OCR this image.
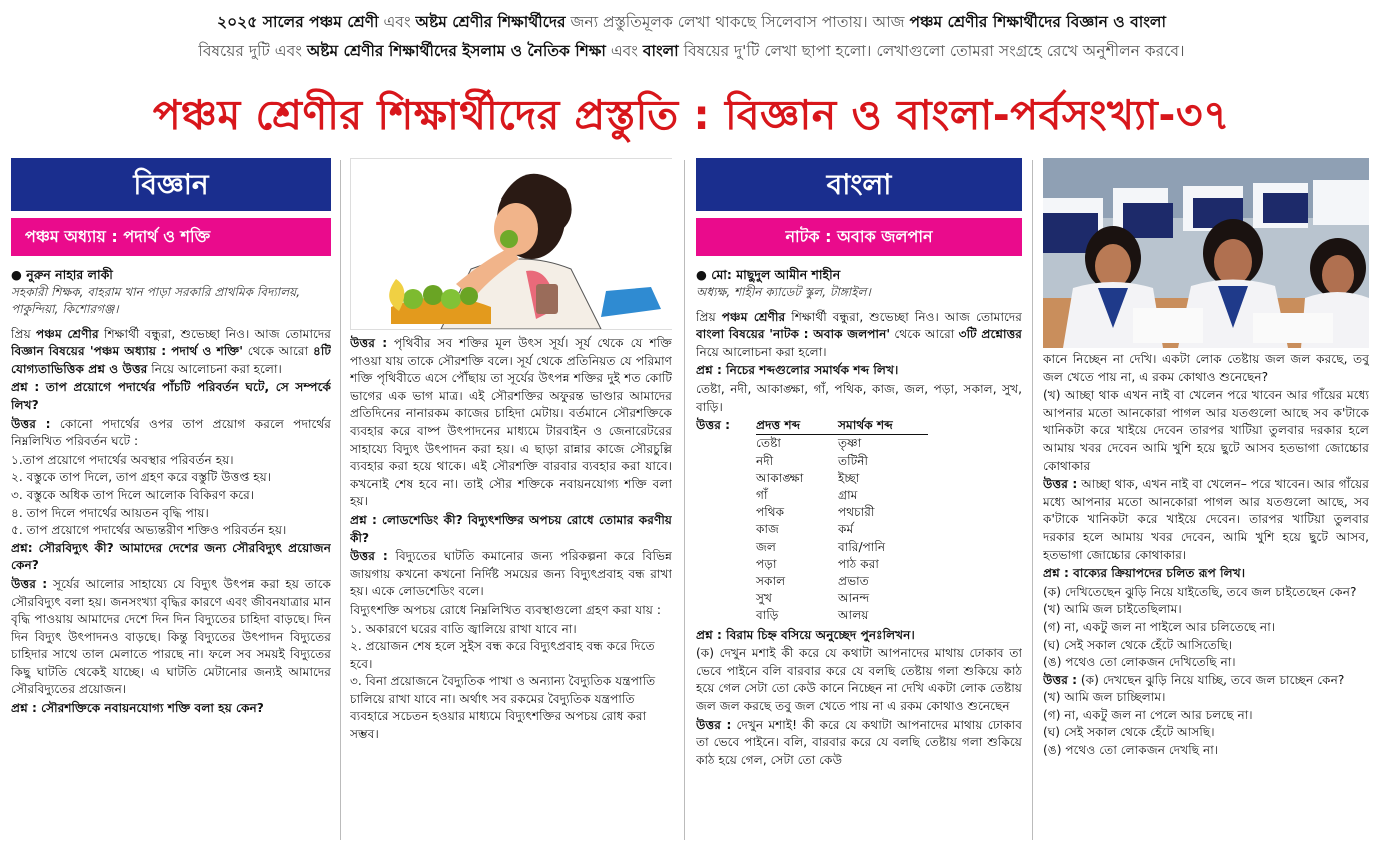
২০২৫ সালের পঞ্চম শ্রেণী এবং অষ্টম শ্রেণীর শিক্ষার্থীদের জন্য প্রস্তুতিমূলক লেখা থাকছে সিলেবাস পাতায়। আজ পঞ্চম শ্রেণীর শিক্ষার্থীদের বিজ্ঞান ও বাংলা
বিষয়ের দুটি এবং অষ্টম শ্রেণীর শিক্ষার্থীদের ইসলাম ও নৈতিক শিক্ষা এবং বাংলা বিষয়ের দু'টি লেখা ছাপা হলো। লেখাগুলো তোমরা সংগ্রহে রেখে অনুশীলন করবে।
পঞ্চম শ্রেণীর শিক্ষার্থীদের প্রস্তুতি : বিজ্ঞান ও বাংলা-পর্বসংখ্যা-৩৭
বিজ্ঞান
পঞ্চম অধ্যায় : পদার্থ ও শক্তি
● নুরুন নাহার লাকী
সহকারী শিক্ষক, বাহরাম খান পাড়া সরকারি প্রাথমিক বিদ্যালয়, পাকুন্দিয়া, কিশোরগঞ্জ।

প্রিয় পঞ্চম শ্রেণীর শিক্ষার্থী বন্ধুরা, শুভেচ্ছা নিও। আজ তোমাদের বিজ্ঞান বিষয়ের 'পঞ্চম অধ্যায় : পদার্থ ও শক্তি' থেকে আরো ৪টি যোগ্যতাভিত্তিক প্রশ্ন ও উত্তর নিয়ে আলোচনা করা হলো।

প্রশ্ন : তাপ প্রয়োগে পদার্থের পাঁচটি পরিবর্তন ঘটে, সে সম্পর্কে লিখ?

উত্তর : কোনো পদার্থের ওপর তাপ প্রয়োগ করলে পদার্থের নিম্নলিখিত পরিবর্তন ঘটে :

১.তাপ প্রয়োগে পদার্থের অবস্থার পরিবর্তন হয়।
২. বস্তুকে তাপ দিলে, তাপ গ্রহণ করে বস্তুটি উত্তপ্ত হয়।
৩. বস্তুকে অধিক তাপ দিলে আলোক বিকিরণ করে।
৪. তাপ দিলে পদার্থের আয়তন বৃদ্ধি পায়।
৫. তাপ প্রয়োগে পদার্থের অভ্যন্তরীণ শক্তিও পরিবর্তন হয়।

প্রশ্ন: সৌরবিদ্যুৎ কী? আমাদের দেশের জন্য সৌরবিদ্যুৎ প্রয়োজন কেন?

উত্তর : সূর্যের আলোর সাহায্যে যে বিদ্যুৎ উৎপন্ন করা হয় তাকে সৌরবিদ্যুৎ বলা হয়। জনসংখ্যা বৃদ্ধির কারণে এবং জীবনযাত্রার মান বৃদ্ধি পাওয়ায় আমাদের দেশে দিন দিন বিদ্যুতের চাহিদা বাড়ছে। দিন দিন বিদ্যুৎ উৎপাদনও বাড়ছে। কিন্তু বিদ্যুতের উৎপাদন বিদ্যুতের চাহিদার সাথে তাল মেলাতে পারছে না। ফলে সব সময়ই বিদ্যুতের কিছু ঘাটতি থেকেই যাচ্ছে। এ ঘাটতি মেটানোর জন্যই আমাদের সৌরবিদ্যুতের প্রয়োজন।

প্রশ্ন : সৌরশক্তিকে নবায়নযোগ্য শক্তি বলা হয় কেন?

উত্তর : পৃথিবীর সব শক্তির মূল উৎস সূর্য। সূর্য থেকে যে শক্তি পাওয়া যায় তাকে সৌরশক্তি বলে। সূর্য থেকে প্রতিনিয়ত যে পরিমাণ শক্তি পৃথিবীতে এসে পৌঁছায় তা সূর্যের উৎপন্ন শক্তির দুই শত কোটি ভাগের এক ভাগ মাত্র। এই সৌরশক্তির অফুরন্ত ভাণ্ডার আমাদের প্রতিদিনের নানারকম কাজের চাহিদা মেটায়। বর্তমানে সৌরশক্তিকে ব্যবহার করে বাষ্প উৎপাদনের মাধ্যমে টারবাইন ও জেনারেটরের সাহায্যে বিদ্যুৎ উৎপাদন করা হয়। এ ছাড়া রান্নার কাজে সৌরচুল্লি ব্যবহার করা হয়ে থাকে। এই সৌরশক্তি বারবার ব্যবহার করা যাবে। কখনোই শেষ হবে না। তাই সৌর শক্তিকে নবায়নযোগ্য শক্তি বলা হয়।

প্রশ্ন : লোডশেডিং কী? বিদ্যুৎশক্তির অপচয় রোধে তোমার করণীয় কী?

উত্তর : বিদ্যুতের ঘাটতি কমানোর জন্য পরিকল্পনা করে বিভিন্ন জায়গায় কখনো কখনো নির্দিষ্ট সময়ের জন্য বিদ্যুৎপ্রবাহ বন্ধ রাখা হয়। একে লোডশেডিং বলে।

বিদ্যুৎশক্তি অপচয় রোধে নিম্নলিখিত ব্যবস্থাগুলো গ্রহণ করা যায় :

১. অকারণে ঘরের বাতি জ্বালিয়ে রাখা যাবে না।
২. প্রয়োজন শেষ হলে সুইস বন্ধ করে বিদ্যুৎপ্রবাহ বন্ধ করে দিতে হবে।
৩. বিনা প্রয়োজনে বৈদ্যুতিক পাখা ও অন্যান্য বৈদ্যুতিক যন্ত্রপাতি চালিয়ে রাখা যাবে না। অর্থাৎ সব রকমের বৈদ্যুতিক যন্ত্রপাতি ব্যবহারে সচেতন হওয়ার মাধ্যমে বিদ্যুৎশক্তির অপচয় রোধ করা সম্ভব।
বাংলা
নাটক : অবাক জলপান
● মো: মাছুদুল আমীন শাহীন
অধ্যক্ষ, শাহীন ক্যাডেট স্কুল, টাঙ্গাইল।

প্রিয় পঞ্চম শ্রেণীর শিক্ষার্থী বন্ধুরা, শুভেচ্ছা নিও। আজ তোমাদের বাংলা বিষয়ের 'নাটক : অবাক জলপান' থেকে আরো ৩টি প্রশ্নোত্তর নিয়ে আলোচনা করা হলো।

প্রশ্ন : নিচের শব্দগুলোর সমার্থক শব্দ লিখ।

তেষ্টা, নদী, আকাঙ্ক্ষা, গাঁ, পথিক, কাজ, জল, পড়া, সকাল, সুখ, বাড়ি।

উত্তর :	প্রদত্ত শব্দ	সমার্থক শব্দ
	তেষ্টা	তৃষ্ণা
	নদী	তটিনী
	আকাঙ্ক্ষা	ইচ্ছা
	গাঁ	গ্রাম
	পথিক	পথচারী
	কাজ	কর্ম
	জল	বারি/পানি
	পড়া	পাঠ করা
	সকাল	প্রভাত
	সুখ	আনন্দ
	বাড়ি	আলয়

প্রশ্ন : বিরাম চিহ্ন বসিয়ে অনুচ্ছেদ পুনঃলিখন।

(ক) দেখুন মশাই কী করে যে কথাটা আপনাদের মাথায় ঢোকাব তা ভেবে পাইনে বলি বারবার করে যে বলছি তেষ্টায় গলা শুকিয়ে কাঠ হয়ে গেল সেটা তো কেউ কানে নিচ্ছেন না দেখি একটা লোক তেষ্টায় জল জল করছে তবু জল খেতে পায় না এ রকম কোথাও শুনেছেন

উত্তর : দেখুন মশাই! কী করে যে কথাটা আপনাদের মাথায় ঢোকাব তা ভেবে পাইনে। বলি, বারবার করে যে বলছি তেষ্টায় গলা শুকিয়ে কাঠ হয়ে গেল, সেটা তো কেউ

কানে নিচ্ছেন না দেখি। একটা লোক তেষ্টায় জল জল করছে, তবু জল খেতে পায় না, এ রকম কোথাও শুনেছেন?

(খ) আচ্ছা থাক এখন নাই বা খেলেন পরে খাবেন আর গাঁয়ের মধ্যে আপনার মতো আনকোরা পাগল আর যতগুলো আছে সব ক'টাকে খানিকটা করে খাইয়ে দেবেন তারপর খাটিয়া তুলবার দরকার হলে আমায় খবর দেবেন আমি খুশি হয়ে ছুটে আসব হতভাগা জোচ্চোর কোথাকার

উত্তর : আচ্ছা থাক, এখন নাই বা খেলেন– পরে খাবেন। আর গাঁয়ের মধ্যে আপনার মতো আনকোরা পাগল আর যতগুলো আছে, সব ক'টাকে খানিকটা করে খাইয়ে দেবেন। তারপর খাটিয়া তুলবার দরকার হলে আমায় খবর দেবেন, আমি খুশি হয়ে ছুটে আসব, হতভাগা জোচ্চোর কোথাকার।

প্রশ্ন : বাক্যের ক্রিয়াপদের চলিত রূপ লিখ।

(ক) দেখিতেছেন ঝুড়ি নিয়ে যাইতেছি, তবে জল চাইতেছেন কেন?
(খ) আমি জল চাইতেছিলাম।
(গ) না, একটু জল না পাইলে আর চলিতেছে না।
(ঘ) সেই সকাল থেকে হেঁটে আসিতেছি।
(ঙ) পথেও তো লোকজন দেখিতেছি না।
উত্তর : (ক) দেখছেন ঝুড়ি নিয়ে যাচ্ছি, তবে জল চাচ্ছেন কেন?
(খ) আমি জল চাচ্ছিলাম।
(গ) না, একটু জল না পেলে আর চলছে না।
(ঘ) সেই সকাল থেকে হেঁটে আসছি।
(ঙ) পথেও তো লোকজন দেখছি না।
